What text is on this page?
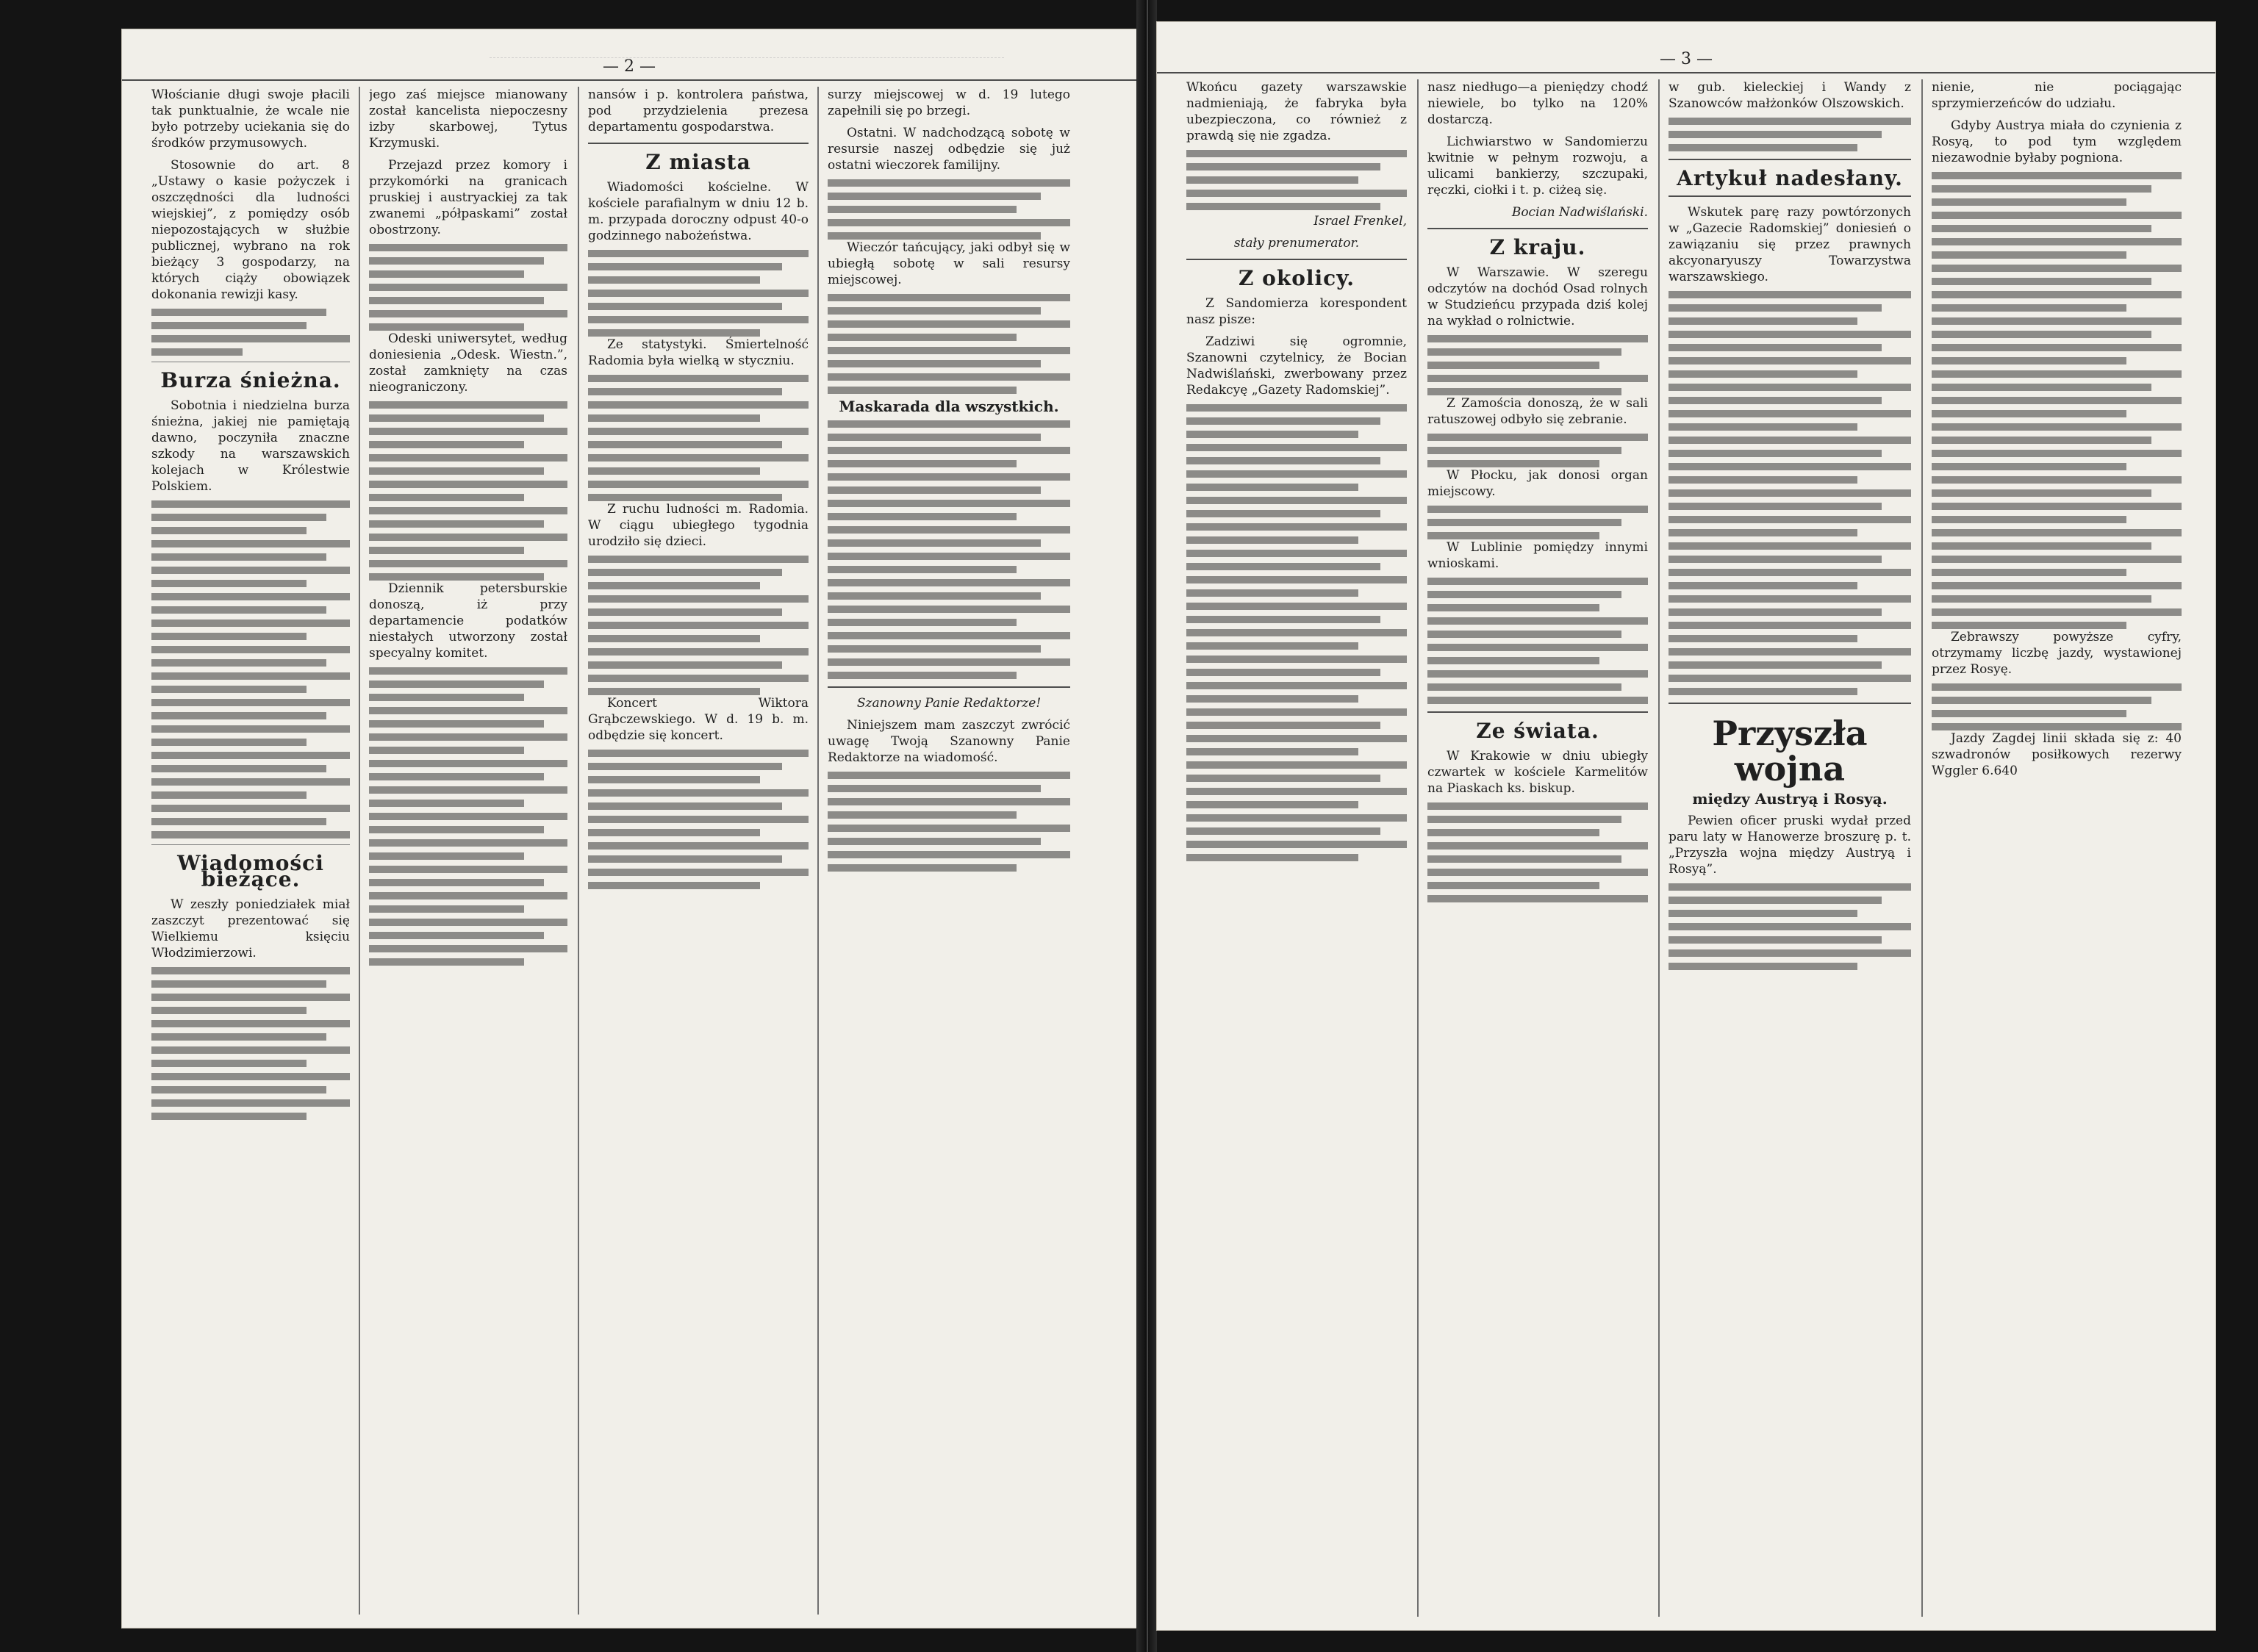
— 2 —

Włościanie długi swoje płacili tak punktualnie, że wcale nie było potrzeby uciekania się do środków przymusowych.

Stosownie do art. 8 „Ustawy o kasie pożyczek i oszczędności dla ludności wiejskiej”, z pomiędzy osób niepozostających w służbie publicznej, wybrano na rok bieżący 3 gospodarzy, na których ciąży obowiązek dokonania rewizji kasy.

Burza śnieżna.

Sobotnia i niedzielna burza śnieżna, jakiej nie pamiętają dawno, poczyniła znaczne szkody na warszawskich kolejach w Królestwie Polskiem.

Wiadomości bieżące.

W zeszły poniedziałek miał zaszczyt prezentować się Wielkiemu księciu Włodzimierzowi.

jego zaś miejsce mianowany został kancelista niepoczesny izby skarbowej, Tytus Krzymuski.

Przejazd przez komory i przykomórki na granicach pruskiej i austryackiej za tak zwanemi „półpaskami” został obostrzony.

Odeski uniwersytet, według doniesienia „Odesk. Wiestn.”, został zamknięty na czas nieograniczony.

Dziennik petersburskie donoszą, iż przy departamencie podatków niestałych utworzony został specyalny komitet.

nansów i p. kontrolera państwa, pod przydzielenia prezesa departamentu gospodarstwa.

Z miasta

Wiadomości kościelne. W kościele parafialnym w dniu 12 b. m. przypada doroczny odpust 40-o godzinnego nabożeństwa.

Ze statystyki. Śmiertelność Radomia była wielką w styczniu.

Z ruchu ludności m. Radomia. W ciągu ubiegłego tygodnia urodziło się dzieci.

Koncert Wiktora Grąbczewskiego. W d. 19 b. m. odbędzie się koncert.

surzy miejscowej w d. 19 lutego zapełnili się po brzegi.

Ostatni. W nadchodzącą sobotę w resursie naszej odbędzie się już ostatni wieczorek familijny.

Wieczór tańcujący, jaki odbył się w ubiegłą sobotę w sali resursy miejscowej.

Maskarada dla wszystkich.
Szanowny Panie Redaktorze!

Niniejszem mam zaszczyt zwrócić uwagę Twoją Szanowny Panie Redaktorze na wiadomość.

— 3 —

Wkońcu gazety warszawskie nadmieniają, że fabryka była ubezpieczona, co również z prawdą się nie zgadza.

Israel Frenkel,
stały prenumerator.
Z okolicy.

Z Sandomierza korespondent nasz pisze:

Zadziwi się ogromnie, Szanowni czytelnicy, że Bocian Nadwiślański, zwerbowany przez Redakcyę „Gazety Radomskiej”.

nasz niedługo—a pieniędzy chodź niewiele, bo tylko na 120% dostarczą.

Lichwiarstwo w Sandomierzu kwitnie w pełnym rozwoju, a ulicami bankierzy, szczupaki, ręczki, ciołki i t. p. ciżeą się.

Bocian Nadwiślański.
Z kraju.

W Warszawie. W szeregu odczytów na dochód Osad rolnych w Studzieńcu przypada dziś kolej na wykład o rolnictwie.

Z Zamościa donoszą, że w sali ratuszowej odbyło się zebranie.

W Płocku, jak donosi organ miejscowy.

W Lublinie pomiędzy innymi wnioskami.

Ze świata.

W Krakowie w dniu ubiegły czwartek w kościele Karmelitów na Piaskach ks. biskup.

w gub. kieleckiej i Wandy z Szanowców małżonków Olszowskich.

Artykuł nadesłany.

Wskutek parę razy powtórzonych w „Gazecie Radomskiej” doniesień o zawiązaniu się przez prawnych akcyonaryuszy Towarzystwa warszawskiego.

Przyszła wojna
między Austryą i Rosyą.

Pewien oficer pruski wydał przed paru laty w Hanowerze broszurę p. t. „Przyszła wojna między Austryą i Rosyą”.

nienie, nie pociągając sprzymierzeńców do udziału.

Gdyby Austrya miała do czynienia z Rosyą, to pod tym względem niezawodnie byłaby pogniona.

Zebrawszy powyższe cyfry, otrzymamy liczbę jazdy, wystawionej przez Rosyę.

Jazdy Zagdej linii składa się z: 40 szwadronów posiłkowych rezerwy Wggler 6.640
